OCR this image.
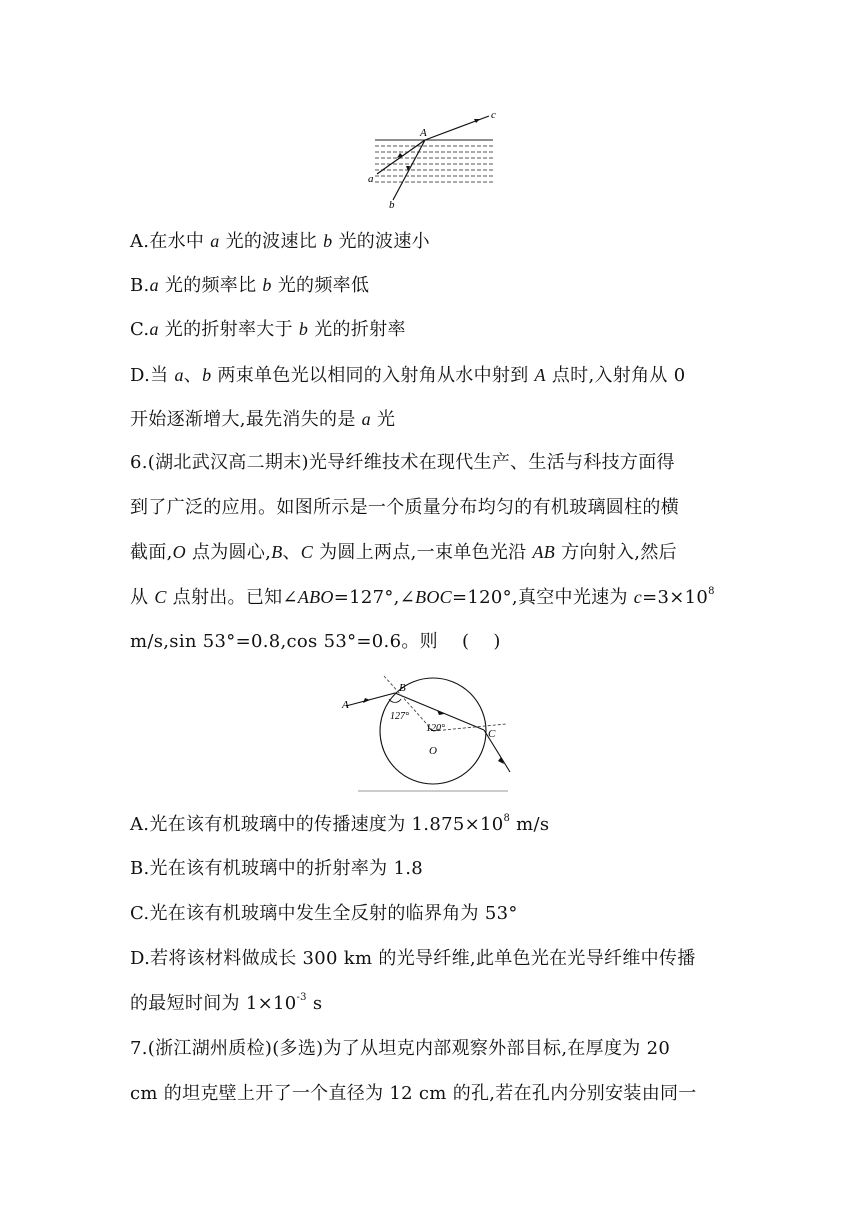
A
a
b
c
A.在水中 a 光的波速比 b 光的波速小
B.a 光的频率比 b 光的频率低
C.a 光的折射率大于 b 光的折射率
D.当 a、b 两束单色光以相同的入射角从水中射到 A 点时,入射角从 0
开始逐渐增大,最先消失的是 a 光
6.(湖北武汉高二期末)光导纤维技术在现代生产、生活与科技方面得
到了广泛的应用。如图所示是一个质量分布均匀的有机玻璃圆柱的横
截面,O 点为圆心,B、C 为圆上两点,一束单色光沿 AB 方向射入,然后
从 C 点射出。已知∠ABO=127°,∠BOC=120°,真空中光速为 $c=3\times 10^8$
m/s,sin 53°=0.8,cos 53°=0.6。则    (    )
A
B
C
O
127°
120°
A.光在该有机玻璃中的传播速度为 $1.875\times 10^8$ m/s
B.光在该有机玻璃中的折射率为 1.8
C.光在该有机玻璃中发生全反射的临界角为 53°
D.若将该材料做成长 300 km 的光导纤维,此单色光在光导纤维中传播
的最短时间为 $1\times 10^{-3}$ s
7.(浙江湖州质检)(多选)为了从坦克内部观察外部目标,在厚度为 20
cm 的坦克壁上开了一个直径为 12 cm 的孔,若在孔内分别安装由同一
